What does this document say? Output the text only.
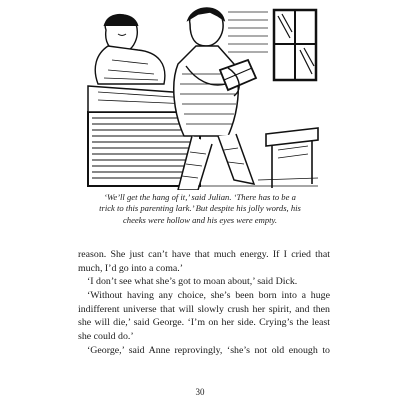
‘We’ll get the hang of it,’ said Julian. ‘There has to be a
trick to this parenting lark.’ But despite his jolly words, his
cheeks were hollow and his eyes were empty.

reason. She just can’t have that much energy. If I cried that
much, I’d go into a coma.’
‘I don’t see what she’s got to moan about,’ said Dick.
‘Without having any choice, she’s been born into a huge
indifferent universe that will slowly crush her spirit, and then
she will die,’ said George. ‘I’m on her side. Crying’s the least
she could do.’
‘George,’ said Anne reprovingly, ‘she’s not old enough to

30
